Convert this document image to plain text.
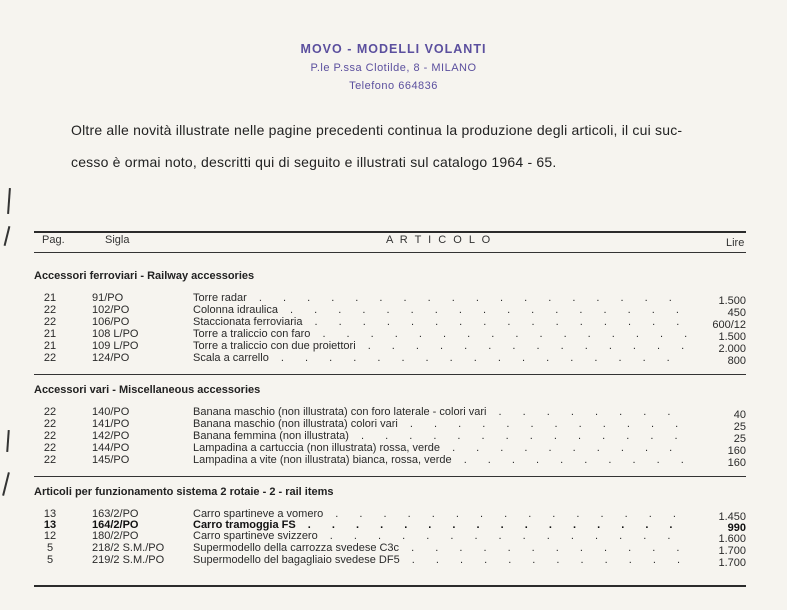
MOVO - MODELLI VOLANTI
P.le P.ssa Clotilde, 8 - MILANO
Telefono 664836
Oltre alle novità illustrate nelle pagine precedenti continua la produzione degli articoli, il cui suc-
cesso è ormai noto, descritti qui di seguito e illustrati sul catalogo 1964 - 65.
Pag.	Sigla	A R T I C O L O	Lire
Accessori ferroviari - Railway accessories
21	91/PO	Torre radar . . .	1.500
22	102/PO	Colonna idraulica . . .	450
22	106/PO	Staccionata ferroviaria . . .	600/12
21	108 L/PO	Torre a traliccio con faro . . .	1.500
21	109 L/PO	Torre a traliccio con due proiettori . . .	2.000
22	124/PO	Scala a carrello . . .	800
Accessori vari - Miscellaneous accessories
22	140/PO	Banana maschio (non illustrata) con foro laterale - colori vari . . .	40
22	141/PO	Banana maschio (non illustrata) colori vari . . .	25
22	142/PO	Banana femmina (non illustrata) . . .	25
22	144/PO	Lampadina a cartuccia (non illustrata) rossa, verde . . .	160
22	145/PO	Lampadina a vite (non illustrata) bianca, rossa, verde . . .	160
Articoli per funzionamento sistema 2 rotaie - 2 - rail items
13	163/2/PO	Carro spartineve a vomero . . .	1.450
13	164/2/PO	Carro tramoggia FS . . .	990
12	180/2/PO	Carro spartineve svizzero . . .	1.600
5	218/2 S.M./PO	Supermodello della carrozza svedese C3c . . .	1.700
5	219/2 S.M./PO	Supermodello del bagagliaio svedese DF5 . . .	1.700
